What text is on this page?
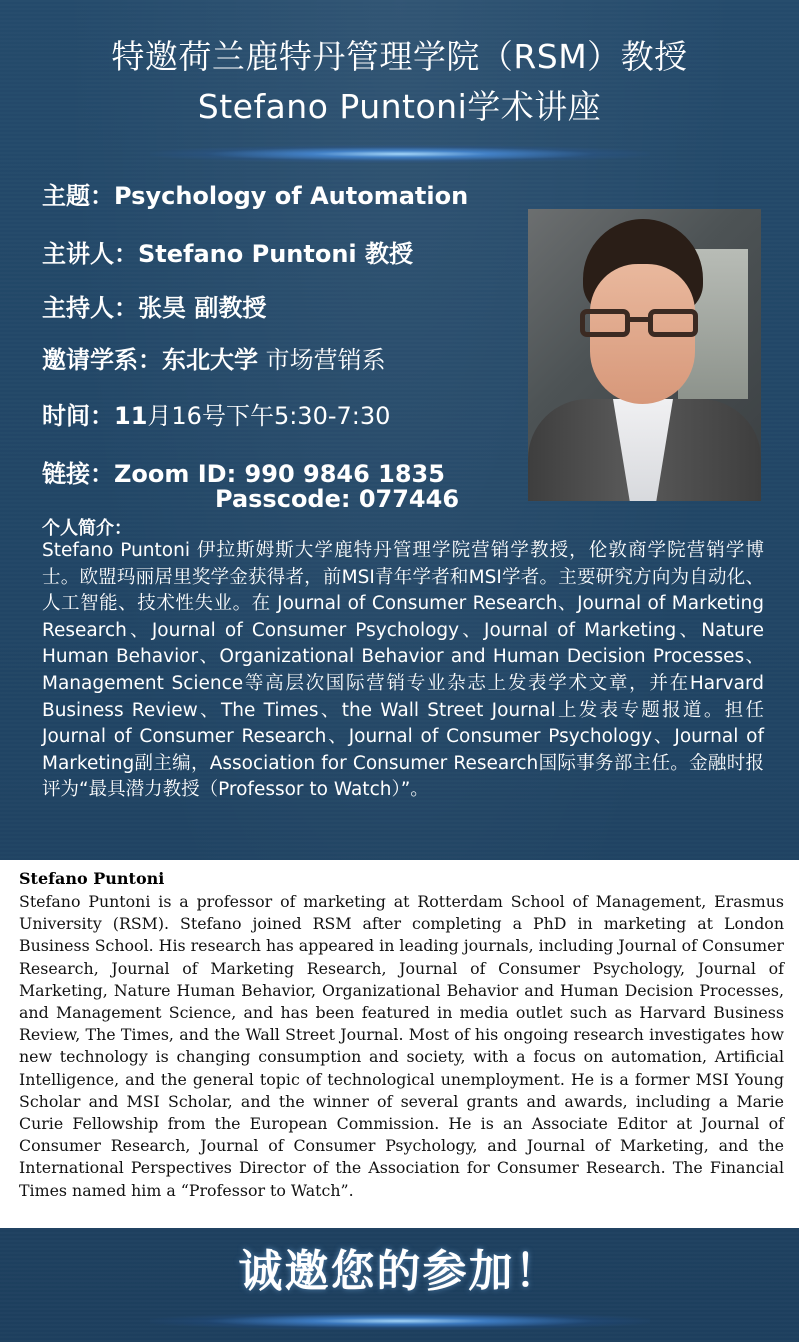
特邀荷兰鹿特丹管理学院（RSM）教授
Stefano Puntoni学术讲座
主题：Psychology of Automation
主讲人：Stefano Puntoni 教授
主持人：张昊 副教授
邀请学系：东北大学 市场营销系
时间：11月16号下午5:30-7:30
链接：Zoom ID: 990 9846 1835
Passcode: 077446
个人简介：

Stefano Puntoni 伊拉斯姆斯大学鹿特丹管理学院营销学教授，伦敦商学院营销学博士。欧盟玛丽居里奖学金获得者，前MSI青年学者和MSI学者。主要研究方向为自动化、人工智能、技术性失业。在 Journal of Consumer Research、Journal of Marketing Research、Journal of Consumer Psychology、Journal of Marketing、Nature Human Behavior、Organizational Behavior and Human Decision Processes、Management Science等高层次国际营销专业杂志上发表学术文章，并在Harvard Business Review、The Times、the Wall Street Journal上发表专题报道。担任 Journal of Consumer Research、Journal of Consumer Psychology、Journal of Marketing副主编，Association for Consumer Research国际事务部主任。金融时报评为“最具潜力教授（Professor to Watch）”。

Stefano Puntoni

Stefano Puntoni is a professor of marketing at Rotterdam School of Management, Erasmus University (RSM). Stefano joined RSM after completing a PhD in marketing at London Business School. His research has appeared in leading journals, including Journal of Consumer Research, Journal of Marketing Research, Journal of Consumer Psychology, Journal of Marketing, Nature Human Behavior, Organizational Behavior and Human Decision Processes, and Management Science, and has been featured in media outlet such as Harvard Business Review, The Times, and the Wall Street Journal. Most of his ongoing research investigates how new technology is changing consumption and society, with a focus on automation, Artificial Intelligence, and the general topic of technological unemployment. He is a former MSI Young Scholar and MSI Scholar, and the winner of several grants and awards, including a Marie Curie Fellowship from the European Commission. He is an Associate Editor at Journal of Consumer Research, Journal of Consumer Psychology, and Journal of Marketing, and the International Perspectives Director of the Association for Consumer Research. The Financial Times named him a “Professor to Watch”.

诚邀您的参加！
